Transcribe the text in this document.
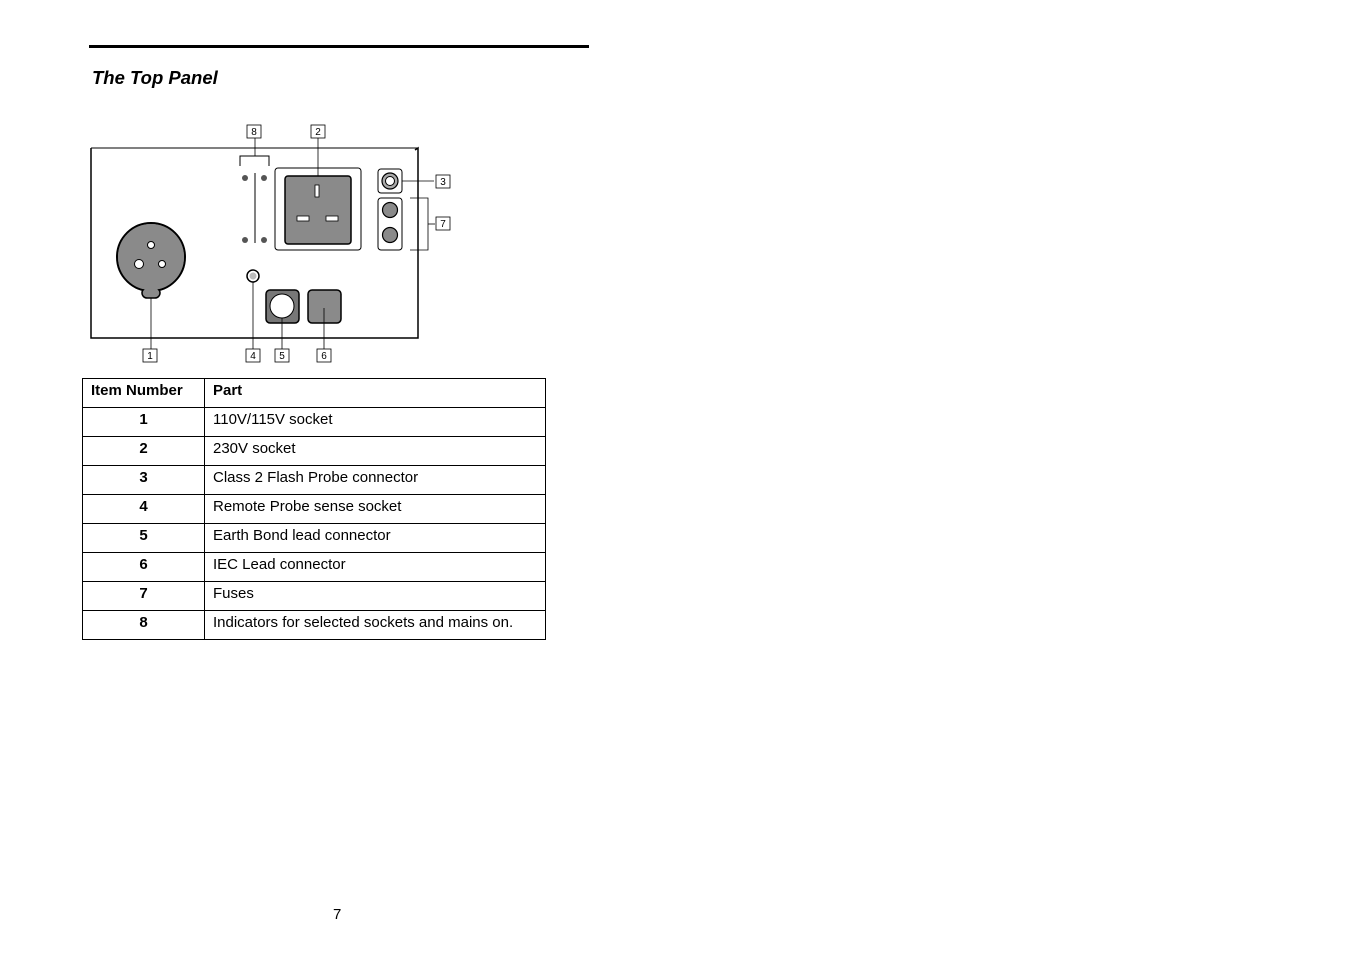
The Top Panel
8	2
3
7
1	4 5	6
Item Number	Part
1	110V/115V socket
2	230V socket
3	Class 2 Flash Probe connector
4	Remote Probe sense socket
5	Earth Bond lead connector
6	IEC Lead connector
7	Fuses
8	Indicators for selected sockets and mains on.
7
